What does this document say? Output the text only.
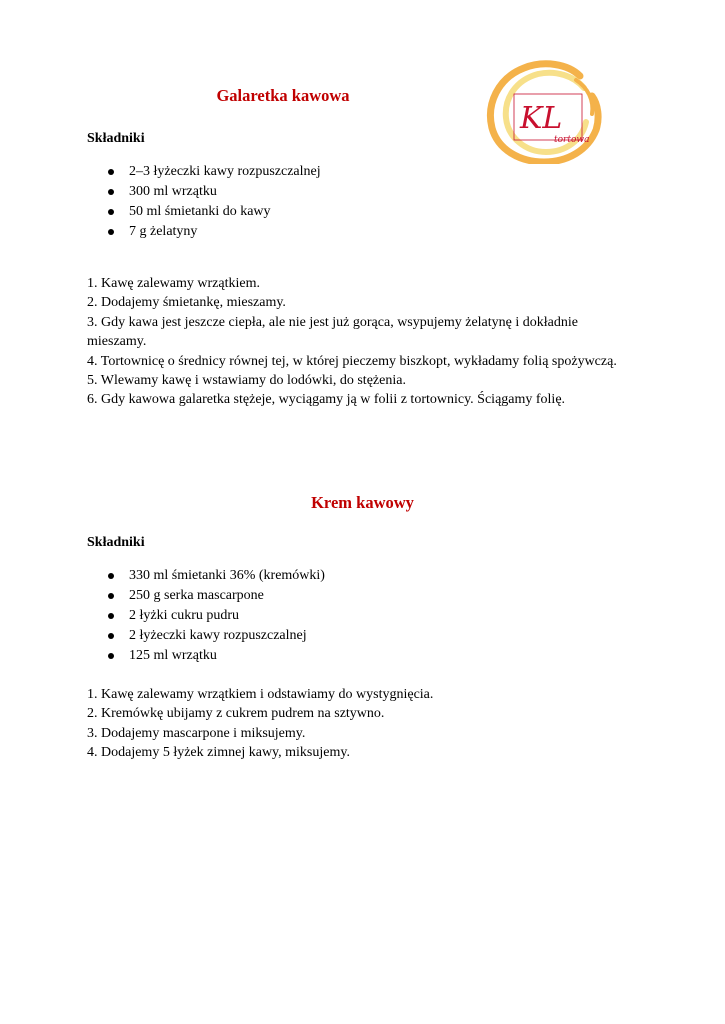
KL
tortowa
Galaretka kawowa

Składniki

2–3 łyżeczki kawy rozpuszczalnej
300 ml wrzątku
50 ml śmietanki do kawy
7 g żelatyny
1. Kawę zalewamy wrzątkiem.
2. Dodajemy śmietankę, mieszamy.
3. Gdy kawa jest jeszcze ciepła, ale nie jest już gorąca, wsypujemy żelatynę i dokładnie mieszamy.
4. Tortownicę o średnicy równej tej, w której pieczemy biszkopt, wykładamy folią spożywczą.
5. Wlewamy kawę i wstawiamy do lodówki, do stężenia.
6. Gdy kawowa galaretka stężeje, wyciągamy ją w folii z tortownicy. Ściągamy folię.
Krem kawowy

Składniki

330 ml śmietanki 36% (kremówki)
250 g serka mascarpone
2 łyżki cukru pudru
2 łyżeczki kawy rozpuszczalnej
125 ml wrzątku
1. Kawę zalewamy wrzątkiem i odstawiamy do wystygnięcia.
2. Kremówkę ubijamy z cukrem pudrem na sztywno.
3. Dodajemy mascarpone i miksujemy.
4. Dodajemy 5 łyżek zimnej kawy, miksujemy.
